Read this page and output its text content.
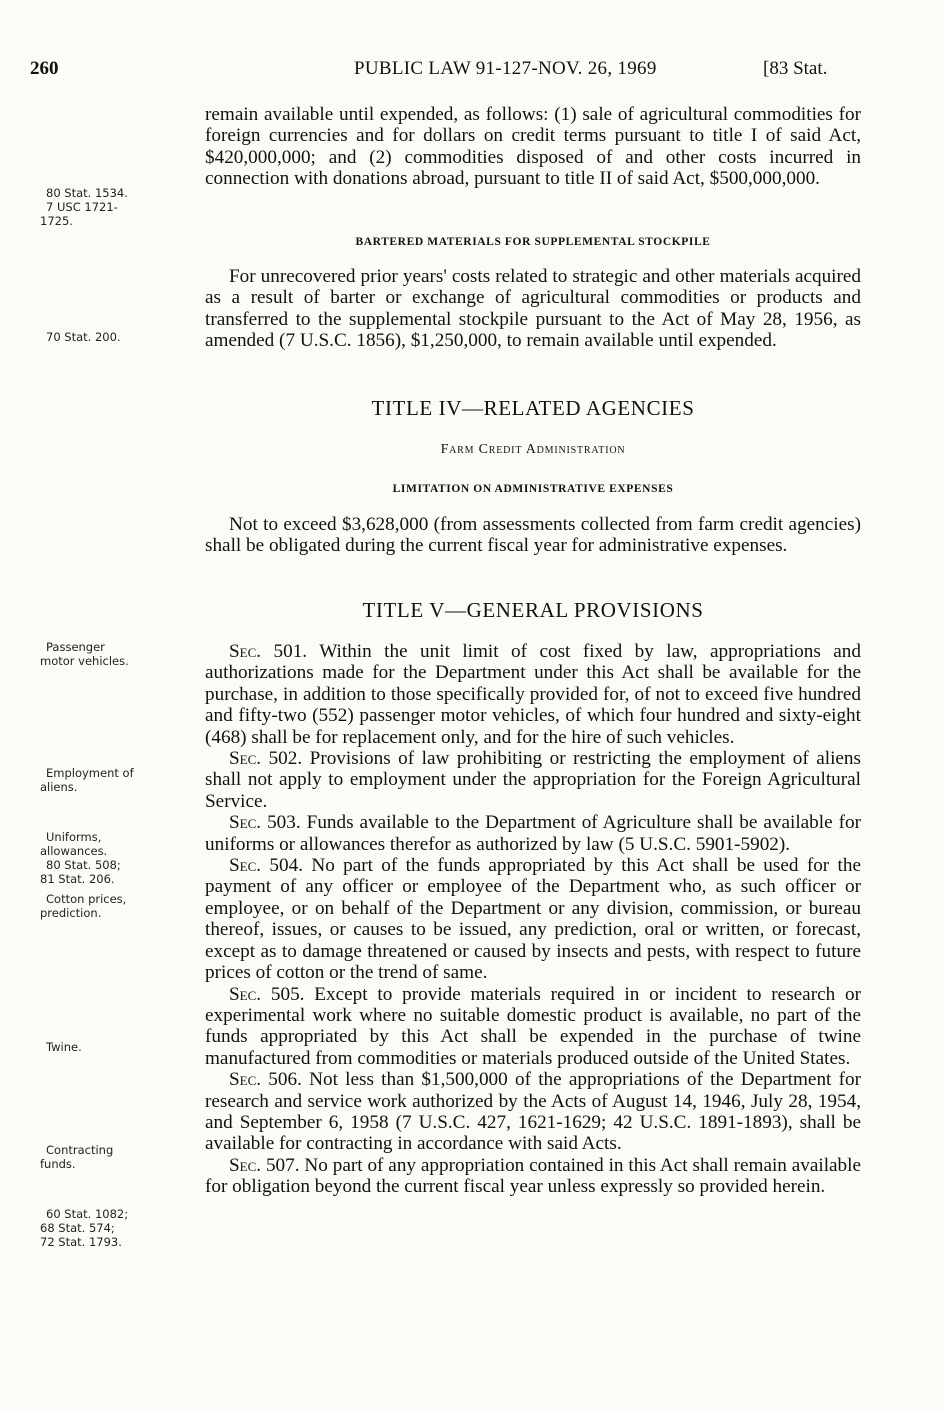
260	PUBLIC LAW 91-127-NOV. 26, 1969	[83 Stat.
80 Stat. 1534.
7 USC 1721-
1725.
70 Stat. 200.
Passenger
motor vehicles.
Employment of
aliens.
Uniforms,
allowances.
80 Stat. 508;
81 Stat. 206.
Cotton prices,
prediction.
Twine.
Contracting
funds.
60 Stat. 1082;
68 Stat. 574;
72 Stat. 1793.

remain available until expended, as follows: (1) sale of agricultural commodities for foreign currencies and for dollars on credit terms pursuant to title I of said Act, $420,000,000; and (2) commodities disposed of and other costs incurred in connection with donations abroad, pursuant to title II of said Act, $500,000,000.

BARTERED MATERIALS FOR SUPPLEMENTAL STOCKPILE

For unrecovered prior years' costs related to strategic and other materials acquired as a result of barter or exchange of agricultural commodities or products and transferred to the supplemental stockpile pursuant to the Act of May 28, 1956, as amended (7 U.S.C. 1856), $1,250,000, to remain available until expended.

TITLE IV—RELATED AGENCIES
Farm Credit Administration
LIMITATION ON ADMINISTRATIVE EXPENSES

Not to exceed $3,628,000 (from assessments collected from farm credit agencies) shall be obligated during the current fiscal year for administrative expenses.

TITLE V—GENERAL PROVISIONS

Sec. 501. Within the unit limit of cost fixed by law, appropriations and authorizations made for the Department under this Act shall be available for the purchase, in addition to those specifically provided for, of not to exceed five hundred and fifty-two (552) passenger motor vehicles, of which four hundred and sixty-eight (468) shall be for replacement only, and for the hire of such vehicles.

Sec. 502. Provisions of law prohibiting or restricting the employment of aliens shall not apply to employment under the appropriation for the Foreign Agricultural Service.

Sec. 503. Funds available to the Department of Agriculture shall be available for uniforms or allowances therefor as authorized by law (5 U.S.C. 5901-5902).

Sec. 504. No part of the funds appropriated by this Act shall be used for the payment of any officer or employee of the Department who, as such officer or employee, or on behalf of the Department or any division, commission, or bureau thereof, issues, or causes to be issued, any prediction, oral or written, or forecast, except as to damage threatened or caused by insects and pests, with respect to future prices of cotton or the trend of same.

Sec. 505. Except to provide materials required in or incident to research or experimental work where no suitable domestic product is available, no part of the funds appropriated by this Act shall be expended in the purchase of twine manufactured from commodities or materials produced outside of the United States.

Sec. 506. Not less than $1,500,000 of the appropriations of the Department for research and service work authorized by the Acts of August 14, 1946, July 28, 1954, and September 6, 1958 (7 U.S.C. 427, 1621-1629; 42 U.S.C. 1891-1893), shall be available for contracting in accordance with said Acts.

Sec. 507. No part of any appropriation contained in this Act shall remain available for obligation beyond the current fiscal year unless expressly so provided herein.
